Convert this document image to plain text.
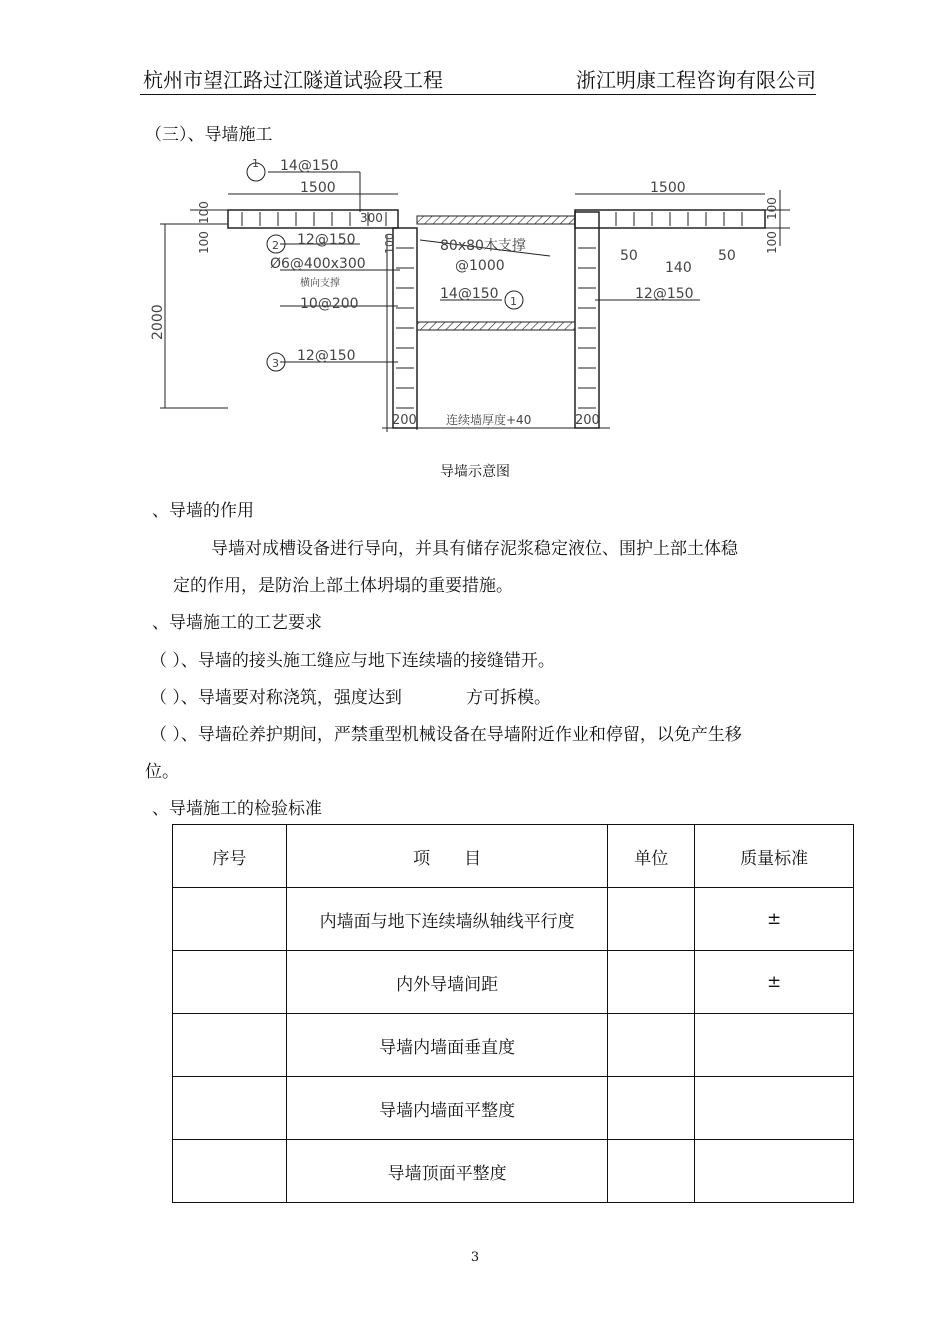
杭州市望江路过江隧道试验段工程	浙江明康工程咨询有限公司
（三）、导墙施工
14@150
1500	1500
300
1
2
1
3
12@150
Ø6@400x300
横向支撑
80x80木支撑
@1000
10@200
14@150	12@150
12@150
50
140
50
200	200
连续墙厚度+40
2000
100
100	100
100
100
导墙示意图
、导墙的作用
导墙对成槽设备进行导向，并具有储存泥浆稳定液位、围护上部土体稳
定的作用，是防治上部土体坍塌的重要措施。
、导墙施工的工艺要求
（ ）、导墙的接头施工缝应与地下连续墙的接缝错开。
（ ）、导墙要对称浇筑，强度达到	方可拆模。
（ ）、导墙砼养护期间，严禁重型机械设备在导墙附近作业和停留，以免产生移
位。
、导墙施工的检验标准
序号	项　　目	单位	质量标准
	内墙面与地下连续墙纵轴线平行度		±
	内外导墙间距		±
	导墙内墙面垂直度		
	导墙内墙面平整度		
	导墙顶面平整度		
3
